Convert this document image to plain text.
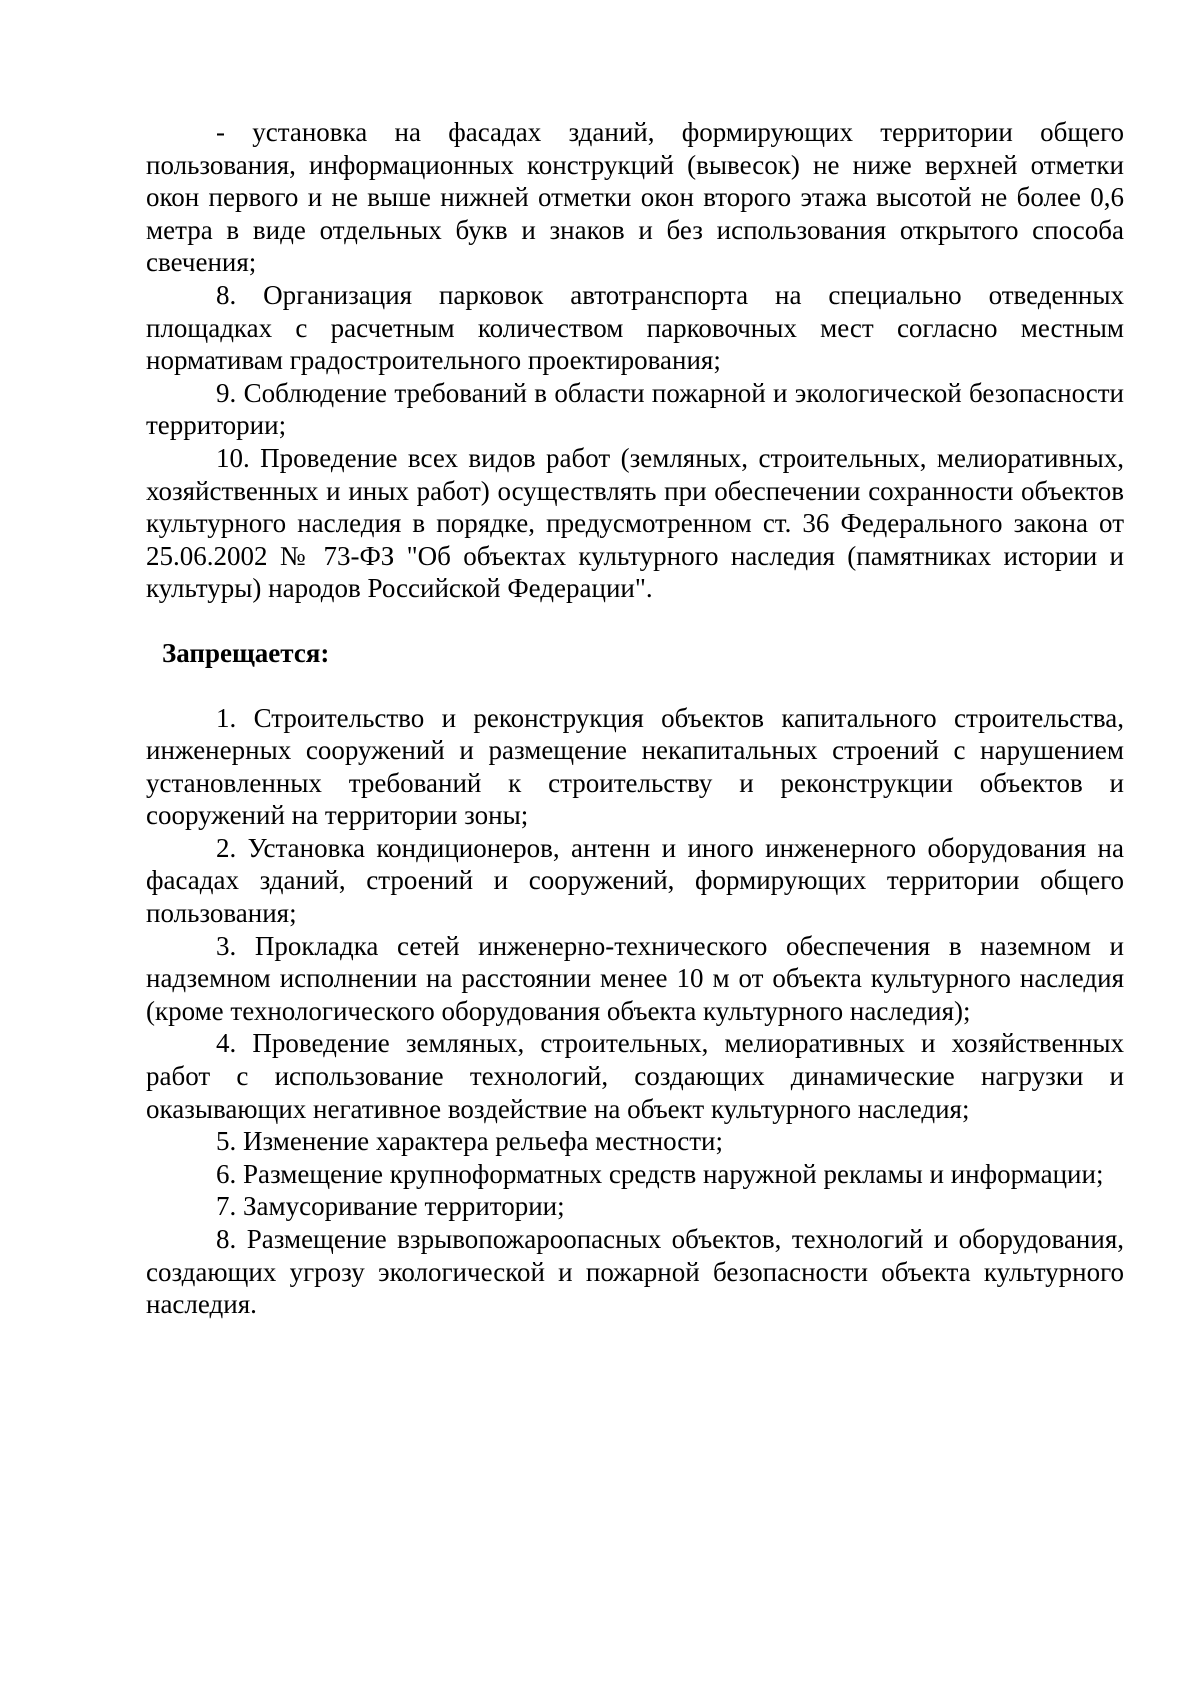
- установка на фасадах зданий, формирующих территории общего пользования, информационных конструкций (вывесок) не ниже верхней отметки окон первого и не выше нижней отметки окон второго этажа высотой не более 0,6 метра в виде отдельных букв и знаков и без использования открытого способа свечения;

8. Организация парковок автотранспорта на специально отведенных площадках с расчетным количеством парковочных мест согласно местным нормативам градостроительного проектирования;

9. Соблюдение требований в области пожарной и экологической безопасности территории;

10. Проведение всех видов работ (земляных, строительных, мелиоративных, хозяйственных и иных работ) осуществлять при обеспечении сохранности объектов культурного наследия в порядке, предусмотренном ст. 36 Федерального закона от 25.06.2002 № 73-ФЗ "Об объектах культурного наследия (памятниках истории и культуры) народов Российской Федерации".

Запрещается:

1. Строительство и реконструкция объектов капитального строительства, инженерных сооружений и размещение некапитальных строений с нарушением установленных требований к строительству и реконструкции объектов и сооружений на территории зоны;

2. Установка кондиционеров, антенн и иного инженерного оборудования на фасадах зданий, строений и сооружений, формирующих территории общего пользования;

3. Прокладка сетей инженерно-технического обеспечения в наземном и надземном исполнении на расстоянии менее 10 м от объекта культурного наследия (кроме технологического оборудования объекта культурного наследия);

4. Проведение земляных, строительных, мелиоративных и хозяйственных работ с использование технологий, создающих динамические нагрузки и оказывающих негативное воздействие на объект культурного наследия;

5. Изменение характера рельефа местности;

6. Размещение крупноформатных средств наружной рекламы и информации;

7. Замусоривание территории;

8. Размещение взрывопожароопасных объектов, технологий и оборудования, создающих угрозу экологической и пожарной безопасности объекта культурного наследия.
